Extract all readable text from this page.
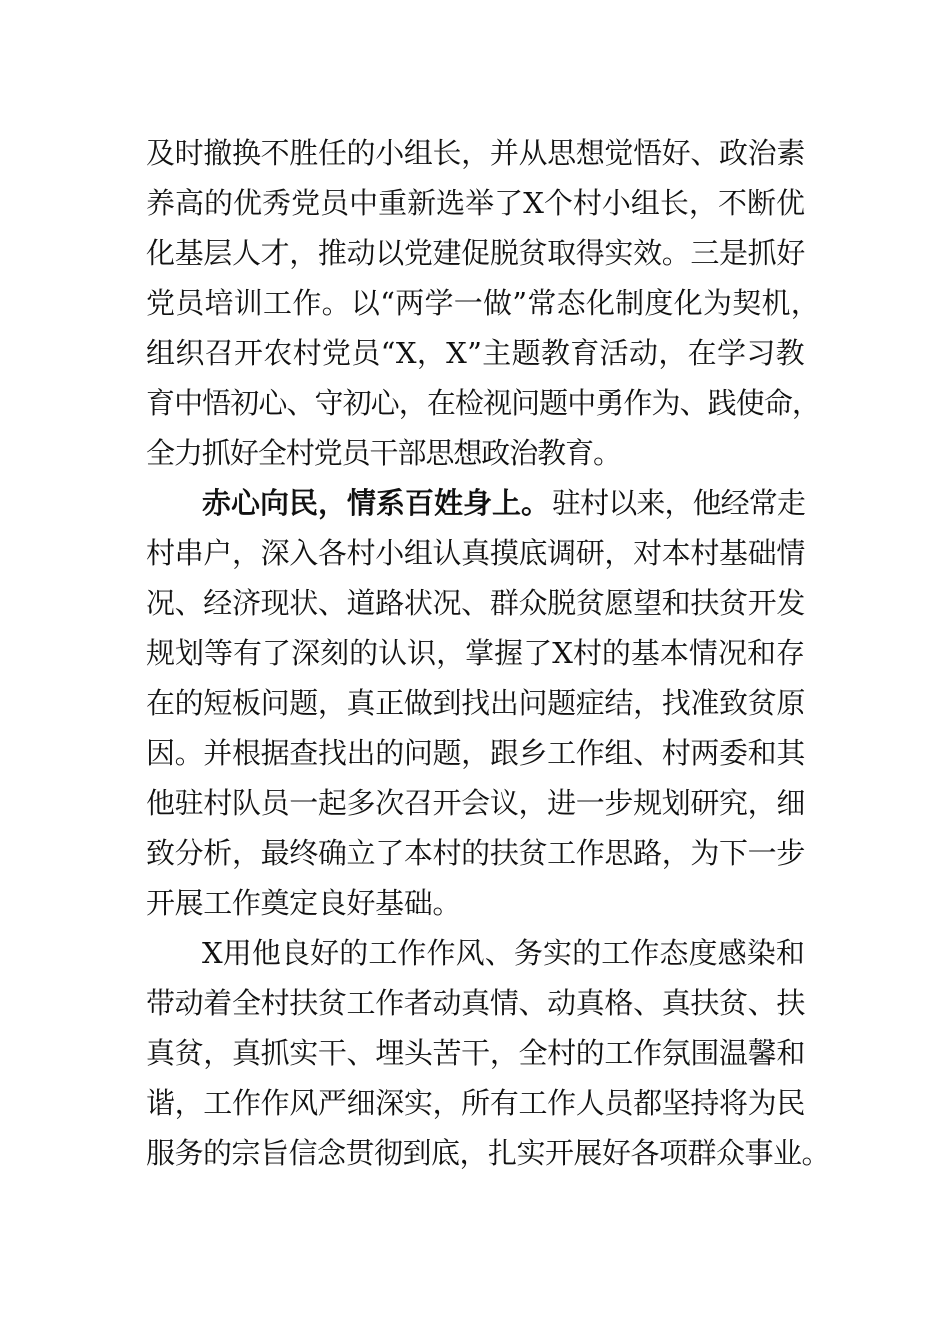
及时撤换不胜任的小组长，并从思想觉悟好、政治素
养高的优秀党员中重新选举了X个村小组长，不断优
化基层人才，推动以党建促脱贫取得实效。三是抓好
党员培训工作。以“两学一做”常态化制度化为契机，
组织召开农村党员“X，X”主题教育活动，在学习教
育中悟初心、守初心，在检视问题中勇作为、践使命，
全力抓好全村党员干部思想政治教育。
赤心向民，情系百姓身上。 驻村以来，他经常走
村串户，深入各村小组认真摸底调研，对本村基础情
况、经济现状、道路状况、群众脱贫愿望和扶贫开发
规划等有了深刻的认识，掌握了X村的基本情况和存
在的短板问题，真正做到找出问题症结，找准致贫原
因。并根据查找出的问题，跟乡工作组、村两委和其
他驻村队员一起多次召开会议，进一步规划研究，细
致分析，最终确立了本村的扶贫工作思路，为下一步
开展工作奠定良好基础。
X用他良好的工作作风、务实的工作态度感染和
带动着全村扶贫工作者动真情、动真格、真扶贫、扶
真贫，真抓实干、埋头苦干，全村的工作氛围温馨和
谐，工作作风严细深实，所有工作人员都坚持将为民
服务的宗旨信念贯彻到底，扎实开展好各项群众事业。
